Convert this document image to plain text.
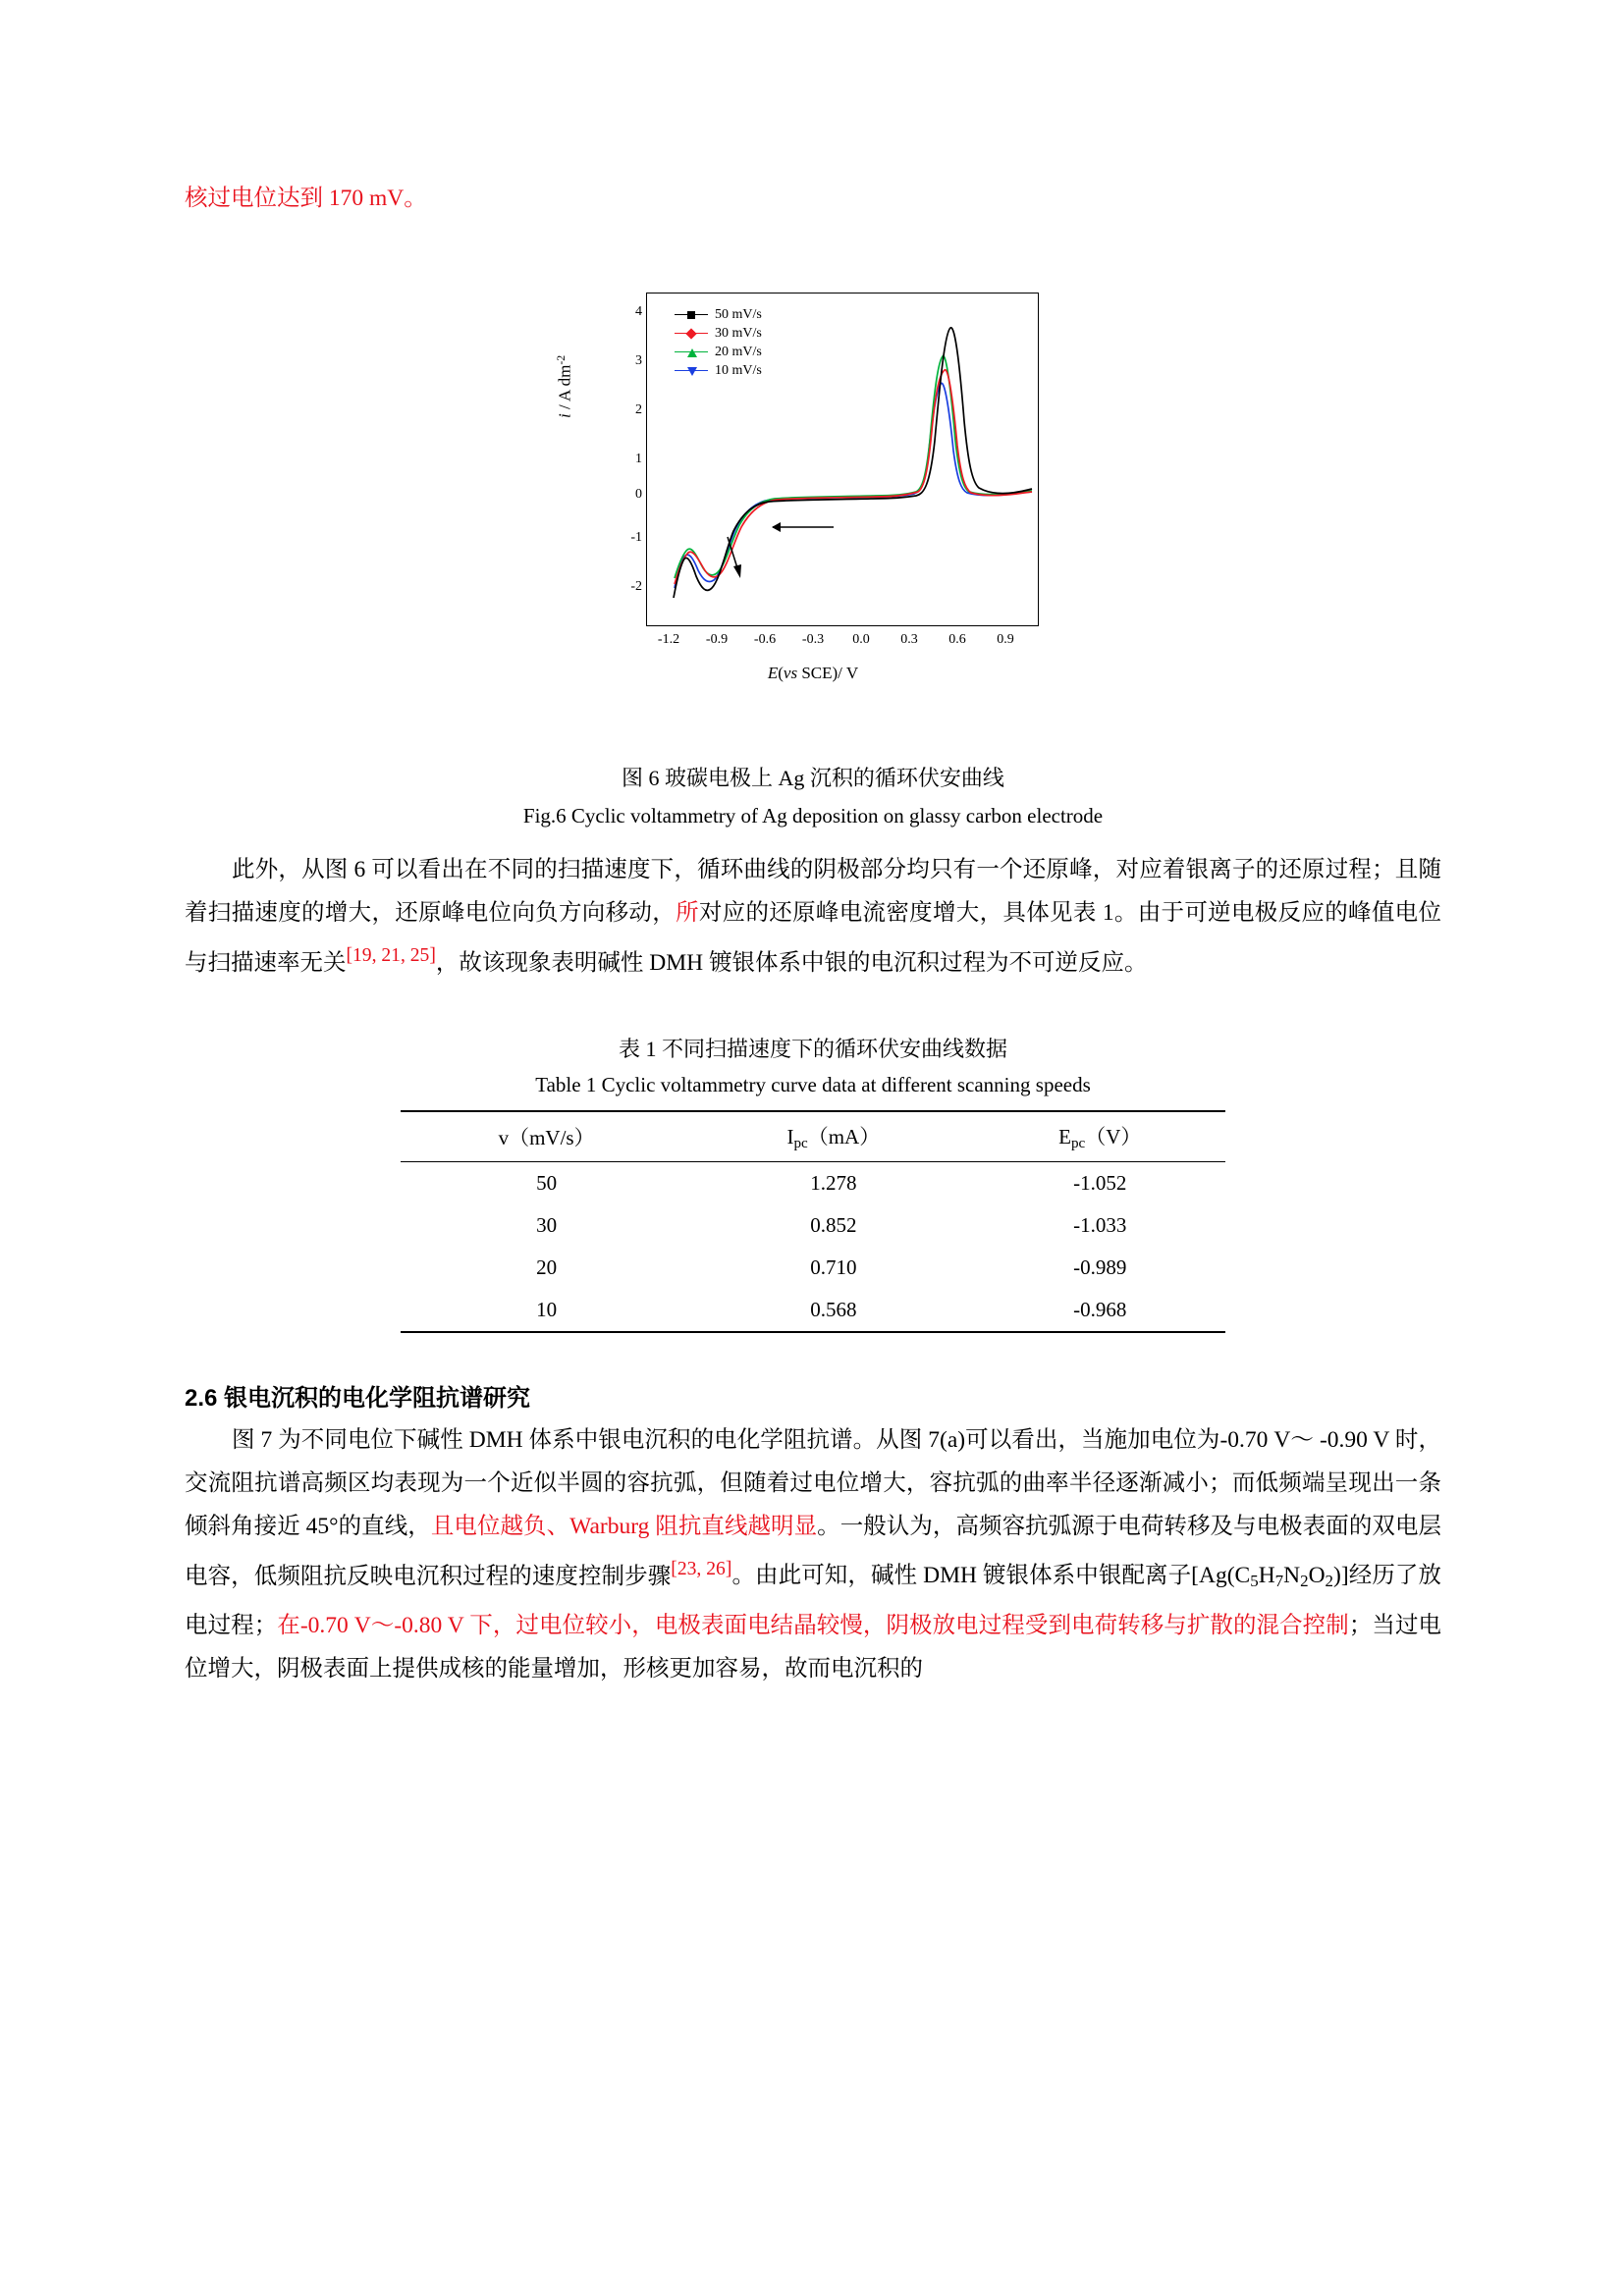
核过电位达到 170 mV。

i / A $dm^{-2}$
50 mV/s
30 mV/s
20 mV/s
10 mV/s
4
3
2
1
0
-1
-2
-1.2 -0.9 -0.6 -0.3 0.0 0.3 0.6 0.9
E(vs SCE)/ V
图 6 玻碳电极上 Ag 沉积的循环伏安曲线
Fig.6 Cyclic voltammetry of Ag deposition on glassy carbon electrode

此外，从图 6 可以看出在不同的扫描速度下，循环曲线的阴极部分均只有一个还原峰，对应着银离子的还原过程；且随着扫描速度的增大，还原峰电位向负方向移动，所对应的还原峰电流密度增大，具体见表 1。由于可逆电极反应的峰值电位与扫描速率无关[19, 21, 25]，故该现象表明碱性 DMH 镀银体系中银的电沉积过程为不可逆反应。

表 1 不同扫描速度下的循环伏安曲线数据
Table 1 Cyclic voltammetry curve data at different scanning speeds
v（mV/s）	$I_{pc}(mA)$	$E_{pc}(V)$
50	1.278	-1.052
30	0.852	-1.033
20	0.710	-0.989
10	0.568	-0.968
2.6 银电沉积的电化学阻抗谱研究

图 7 为不同电位下碱性 DMH 体系中银电沉积的电化学阻抗谱。从图 7(a)可以看出，当施加电位为-0.70 V～ -0.90 V 时，交流阻抗谱高频区均表现为一个近似半圆的容抗弧，但随着过电位增大，容抗弧的曲率半径逐渐减小；而低频端呈现出一条倾斜角接近 45°的直线，且电位越负、Warburg 阻抗直线越明显。一般认为，高频容抗弧源于电荷转移及与电极表面的双电层电容，低频阻抗反映电沉积过程的速度控制步骤[23, 26]。由此可知，碱性 DMH 镀银体系中银配离子$[Ag(C_5H_7N_2O_2)]$经历了放电过程；在-0.70 V～-0.80 V 下，过电位较小，电极表面电结晶较慢，阴极放电过程受到电荷转移与扩散的混合控制；当过电位增大，阴极表面上提供成核的能量增加，形核更加容易，故而电沉积的
